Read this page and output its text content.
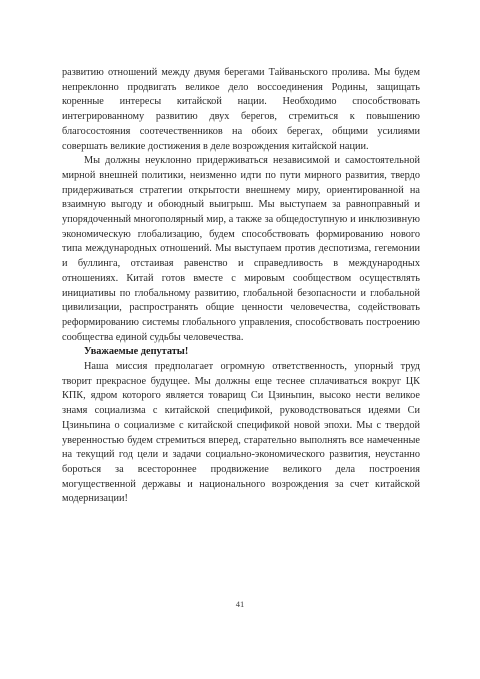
развитию отношений между двумя берегами Тайваньского пролива. Мы будем непреклонно продвигать великое дело воссоединения Родины, защищать коренные интересы китайской нации. Необходимо способствовать интегрированному развитию двух берегов, стремиться к повышению благосостояния соотечественников на обоих берегах, общими усилиями совершать великие достижения в деле возрождения китайской нации.

Мы должны неуклонно придерживаться независимой и самостоятельной мирной внешней политики, неизменно идти по пути мирного развития, твердо придерживаться стратегии открытости внешнему миру, ориентированной на взаимную выгоду и обоюдный выигрыш. Мы выступаем за равноправный и упорядоченный многополярный мир, а также за общедоступную и инклюзивную экономическую глобализацию, будем способствовать формированию нового типа международных отношений. Мы выступаем против деспотизма, гегемонии и буллинга, отстаивая равенство и справедливость в международных отношениях. Китай готов вместе с мировым сообществом осуществлять инициативы по глобальному развитию, глобальной безопасности и глобальной цивилизации, распространять общие ценности человечества, содействовать реформированию системы глобального управления, способствовать построению сообщества единой судьбы человечества.

Уважаемые депутаты!

Наша миссия предполагает огромную ответственность, упорный труд творит прекрасное будущее. Мы должны еще теснее сплачиваться вокруг ЦК КПК, ядром которого является товарищ Си Цзиньпин, высоко нести великое знамя социализма с китайской спецификой, руководствоваться идеями Си Цзиньпина о социализме с китайской спецификой новой эпохи. Мы с твердой уверенностью будем стремиться вперед, старательно выполнять все намеченные на текущий год цели и задачи социально-экономического развития, неустанно бороться за всестороннее продвижение великого дела построения могущественной державы и национального возрождения за счет китайской модернизации!

41
